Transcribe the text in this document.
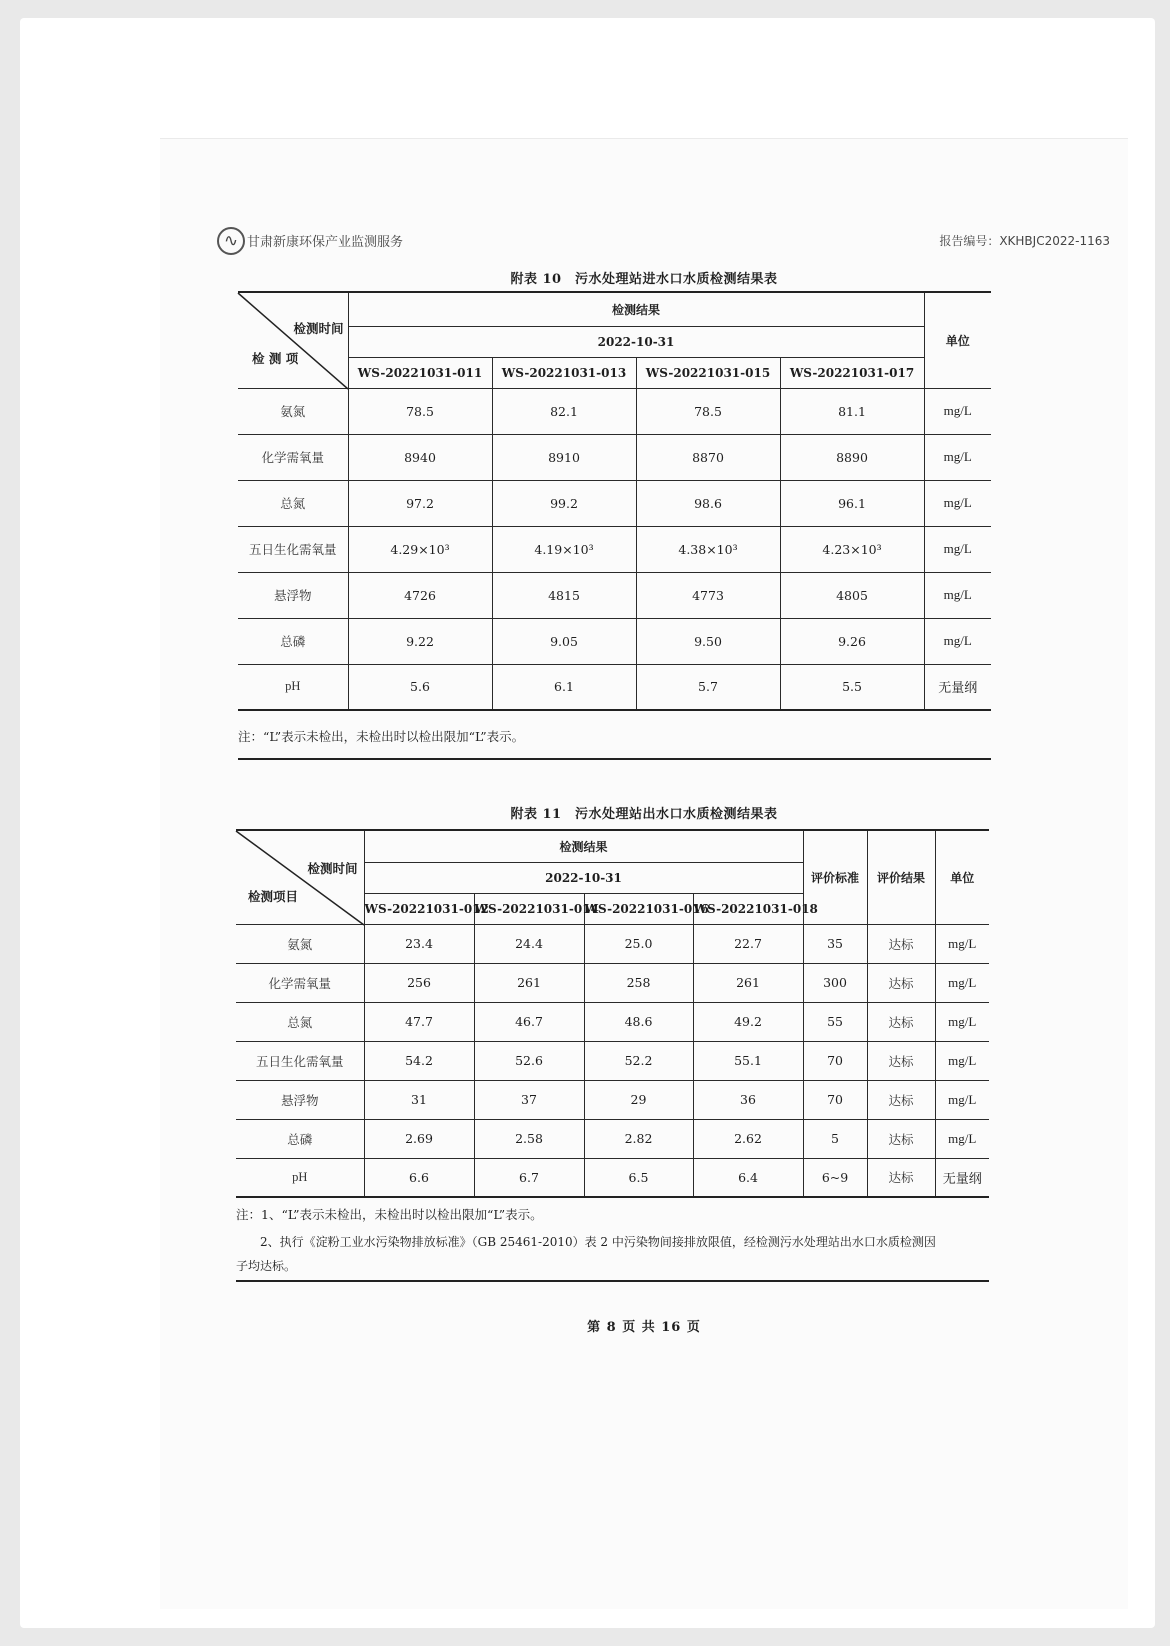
∿ 甘肃新康环保产业监测服务	报告编号：XKHBJC2022-1163
附表 10　污水处理站进水口水质检测结果表
检测时间
检 测 项	检测结果				单位
	2022-10-31				
	WS-20221031-011	WS-20221031-013	WS-20221031-015	WS-20221031-017	
氨氮	78.5	82.1	78.5	81.1	mg/L
化学需氧量	8940	8910	8870	8890	mg/L
总氮	97.2	99.2	98.6	96.1	mg/L
五日生化需氧量	4.29×10³	4.19×10³	4.38×10³	4.23×10³	mg/L
悬浮物	4726	4815	4773	4805	mg/L
总磷	9.22	9.05	9.50	9.26	mg/L
pH	5.6	6.1	5.7	5.5	无量纲
注：“L”表示未检出，未检出时以检出限加“L”表示。
附表 11　污水处理站出水口水质检测结果表
检测时间
检测项目	检测结果				评价标准	评价结果	单位
	2022-10-31						
	WS-20221031-012	WS-20221031-014	WS-20221031-016	WS-20221031-018			
氨氮	23.4	24.4	25.0	22.7	35	达标	mg/L
化学需氧量	256	261	258	261	300	达标	mg/L
总氮	47.7	46.7	48.6	49.2	55	达标	mg/L
五日生化需氧量	54.2	52.6	52.2	55.1	70	达标	mg/L
悬浮物	31	37	29	36	70	达标	mg/L
总磷	2.69	2.58	2.82	2.62	5	达标	mg/L
pH	6.6	6.7	6.5	6.4	6~9	达标	无量纲
注：1、“L”表示未检出，未检出时以检出限加“L”表示。
2、执行《淀粉工业水污染物排放标准》（GB 25461-2010）表 2 中污染物间接排放限值，经检测污水处理站出水口水质检测因
子均达标。
第 8 页 共 16 页
